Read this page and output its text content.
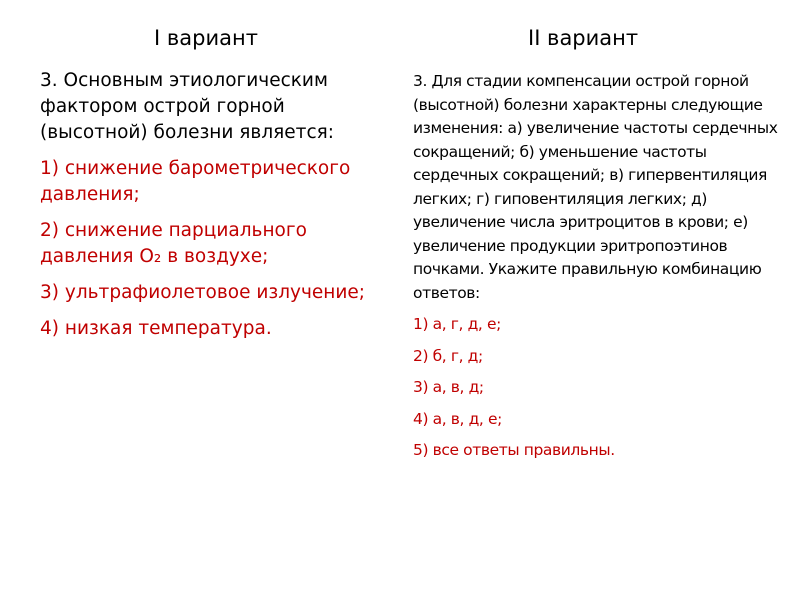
I вариант	II вариант

3. Основным этиологическим фактором острой горной (высотной) болезни является:

1) снижение барометрического давления;
2) снижение парциального давления O₂ в воздухе;
3) ультрафиолетовое излучение;
4) низкая температура.

3. Для стадии компенсации острой горной (высотной) болезни характерны следующие изменения: а) увеличение частоты сердечных сокращений; б) уменьшение частоты сердечных сокращений; в) гипервентиляция легких; г) гиповентиляция легких; д) увеличение числа эритроцитов в крови; е) увеличение продукции эритропоэтинов почками. Укажите правильную комбинацию ответов:

1) а, г, д, е;
2) б, г, д;
3) а, в, д;
4) а, в, д, е;
5) все ответы правильны.
